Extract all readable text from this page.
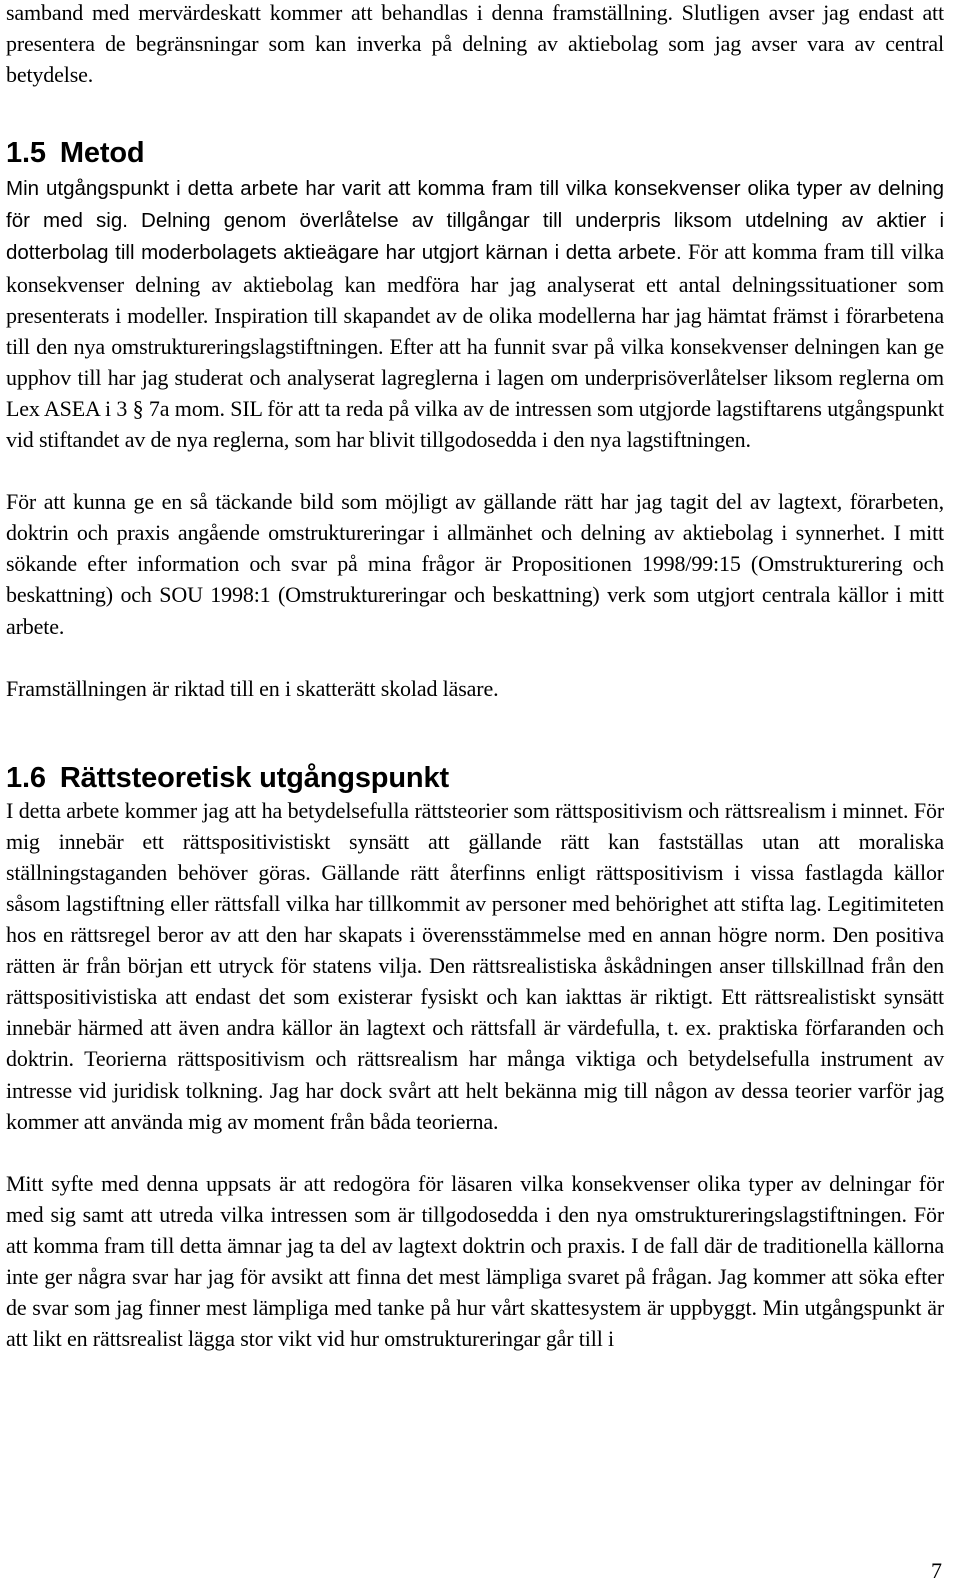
samband med mervärdeskatt kommer att behandlas i denna framställning. Slutligen avser jag endast att presentera de begränsningar som kan inverka på delning av aktiebolag som jag avser vara av central betydelse.

1.5 Metod

Min utgångspunkt i detta arbete har varit att komma fram till vilka konsekvenser olika typer av delning för med sig. Delning genom överlåtelse av tillgångar till underpris liksom utdelning av aktier i dotterbolag till moderbolagets aktieägare har utgjort kärnan i detta arbete. För att komma fram till vilka konsekvenser delning av aktiebolag kan medföra har jag analyserat ett antal delningssituationer som presenterats i modeller. Inspiration till skapandet av de olika modellerna har jag hämtat främst i förarbetena till den nya omstruktureringslagstiftningen. Efter att ha funnit svar på vilka konsekvenser delningen kan ge upphov till har jag studerat och analyserat lagreglerna i lagen om underprisöverlåtelser liksom reglerna om Lex ASEA i 3 § 7a mom. SIL för att ta reda på vilka av de intressen som utgjorde lagstiftarens utgångspunkt vid stiftandet av de nya reglerna, som har blivit tillgodosedda i den nya lagstiftningen.

För att kunna ge en så täckande bild som möjligt av gällande rätt har jag tagit del av lagtext, förarbeten, doktrin och praxis angående omstruktureringar i allmänhet och delning av aktiebolag i synnerhet. I mitt sökande efter information och svar på mina frågor är Propositionen 1998/99:15 (Omstrukturering och beskattning) och SOU 1998:1 (Omstruktureringar och beskattning) verk som utgjort centrala källor i mitt arbete.

Framställningen är riktad till en i skatterätt skolad läsare.

1.6 Rättsteoretisk utgångspunkt

I detta arbete kommer jag att ha betydelsefulla rättsteorier som rättspositivism och rättsrealism i minnet. För mig innebär ett rättspositivistiskt synsätt att gällande rätt kan fastställas utan att moraliska ställningstaganden behöver göras. Gällande rätt återfinns enligt rättspositivism i vissa fastlagda källor såsom lagstiftning eller rättsfall vilka har tillkommit av personer med behörighet att stifta lag. Legitimiteten hos en rättsregel beror av att den har skapats i överensstämmelse med en annan högre norm. Den positiva rätten är från början ett utryck för statens vilja. Den rättsrealistiska åskådningen anser tillskillnad från den rättspositivistiska att endast det som existerar fysiskt och kan iakttas är riktigt. Ett rättsrealistiskt synsätt innebär härmed att även andra källor än lagtext och rättsfall är värdefulla, t. ex. praktiska förfaranden och doktrin. Teorierna rättspositivism och rättsrealism har många viktiga och betydelsefulla instrument av intresse vid juridisk tolkning. Jag har dock svårt att helt bekänna mig till någon av dessa teorier varför jag kommer att använda mig av moment från båda teorierna.

Mitt syfte med denna uppsats är att redogöra för läsaren vilka konsekvenser olika typer av delningar för med sig samt att utreda vilka intressen som är tillgodosedda i den nya omstruktureringslagstiftningen. För att komma fram till detta ämnar jag ta del av lagtext doktrin och praxis. I de fall där de traditionella källorna inte ger några svar har jag för avsikt att finna det mest lämpliga svaret på frågan. Jag kommer att söka efter de svar som jag finner mest lämpliga med tanke på hur vårt skattesystem är uppbyggt. Min utgångspunkt är att likt en rättsrealist lägga stor vikt vid hur omstruktureringar går till i

7
